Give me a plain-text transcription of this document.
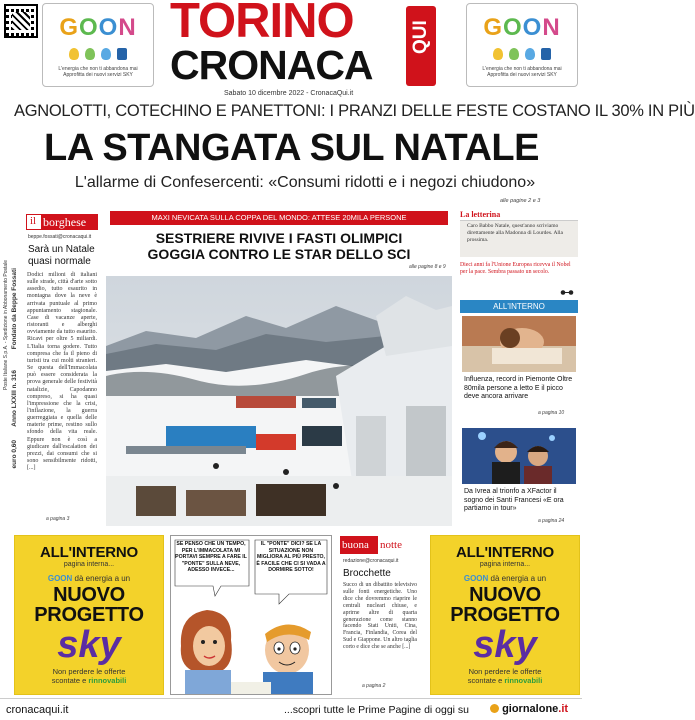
GOON
L'energia che non ti abbandona mai
Approfitta dei nuovi servizi SKY
TORINO
CRONACA
QUI
Sabato 10 dicembre 2022 - CronacaQui.it
GOON
L'energia che non ti abbandona mai
Approfitta dei nuovi servizi SKY
AGNOLOTTI, COTECHINO E PANETTONI: I PRANZI DELLE FESTE COSTANO IL 30% IN PIÙ
LA STANGATA SUL NATALE
L'allarme di Confesercenti: «Consumi ridotti e i negozi chiudono»
alle pagine 2 e 3
Poste Italiane S.p.A. - Spedizione in Abbonamento Postale
euro 0,60
Anno LXXIII n. 316
Fondato da Beppe Fossati
il borghese
beppe.fossati@cronacaqui.it
Sarà un Natale quasi normale
Dodici milioni di italiani sulle strade, città d'arte sotto assedio, tutto esaurito in montagna dove la neve è arrivata puntuale al primo appuntamento stagionale. Case di vacanze aperte, ristoranti e alberghi ovviamente da tutto esaurito. Ricavi per oltre 5 miliardi. L'Italia torna godere. Tutto compresa che fa il pieno di turisti tra cui molti stranieri. Se questa dell'Immacolata può essere considerata la prova generale delle festività natalizie, Capodanno compreso, si ha quasi l'impressione che la crisi, l'inflazione, la guerra guerreggiata e quella delle materie prime, restino sullo sfondo della vita reale. Eppure non è così a giudicare dall'escalation dei prezzi, dai consumi che si sono sensibilmente ridotti, [...]
a pagina 3
MAXI NEVICATA SULLA COPPA DEL MONDO: ATTESE 20MILA PERSONE
SESTRIERE RIVIVE I FASTI OLIMPICI
GOGGIA CONTRO LE STAR DELLO SCI
alle pagine 8 e 9
La letterina
Caro Babbo Natale, quest'anno scriviamo direttamente alla Madonna di Lourdes. Alla prossima.
Dieci anni fa l'Unione Europea ricevva il Nobel per la pace. Sembra passato un secolo.
ALL'INTERNO
Influenza, record in Piemonte Oltre 80mila persone a letto E il picco deve ancora arrivare
a pagina 10
Da Ivrea al trionfo a XFactor il sogno dei Santi Francesi «E ora partiamo in tour»
a pagina 24
ALL'INTERNO
pagina interna...
GOON dà energia a un
NUOVO
PROGETTO
sky
Non perdere le offerte
scontate e rinnovabili
SE PENSO CHE UN TEMPO, PER L'IMMACOLATA MI PORTAVI SEMPRE A FARE IL "PONTE" SULLA NEVE, ADESSO INVECE...
IL "PONTE" DICI? SE LA SITUAZIONE NON MIGLIORA AL PIÙ PRESTO, È FACILE CHE CI SI VADA A DORMIRE SOTTO!
buona	notte
redazione@cronacaqui.it
Brocchette
Succo di un dibattito televisivo sulle fonti energetiche. Uno dice che dovremmo riaprire le centrali nucleari chiuse, e aprirne altre di quarta generazione come stanno facendo Stati Uniti, Cina, Francia, Finlandia, Corea del Sud e Giappone. Un altro taglia corto e dice che se anche [...]
a pagina 2
ALL'INTERNO
pagina interna...
GOON dà energia a un
NUOVO
PROGETTO
sky
Non perdere le offerte
scontate e rinnovabili
cronacaqui.it	...scopri tutte le Prime Pagine di oggi su	giornalone.it
